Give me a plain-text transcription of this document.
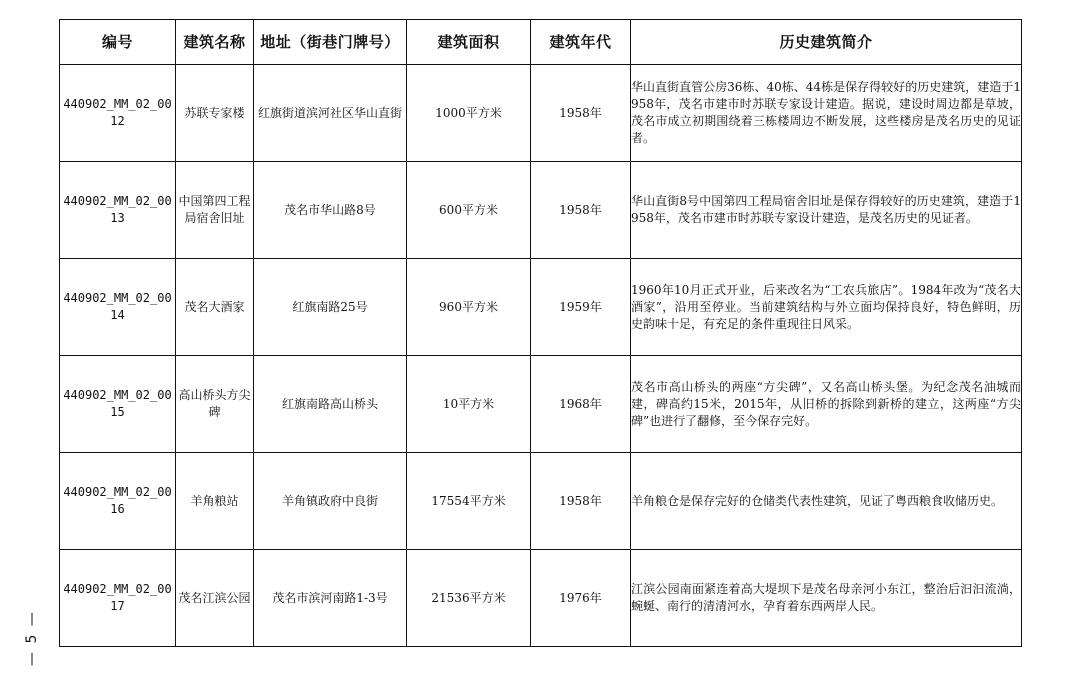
— 5 —
编号	建筑名称	地址（街巷门牌号）	建筑面积	建筑年代	历史建筑简介
440902_MM_02_0012	苏联专家楼	红旗街道滨河社区华山直街	1000平方米	1958年	华山直街直管公房36栋、40栋、44栋是保存得较好的历史建筑，建造于1958年，茂名市建市时苏联专家设计建造。据说，建设时周边都是草坡，茂名市成立初期围绕着三栋楼周边不断发展，这些楼房是茂名历史的见证者。
440902_MM_02_0013	中国第四工程局宿舍旧址	茂名市华山路8号	600平方米	1958年	华山直街8号中国第四工程局宿舍旧址是保存得较好的历史建筑，建造于1958年，茂名市建市时苏联专家设计建造，是茂名历史的见证者。
440902_MM_02_0014	茂名大酒家	红旗南路25号	960平方米	1959年	1960年10月正式开业，后来改名为“工农兵旅店”。1984年改为“茂名大酒家”，沿用至停业。当前建筑结构与外立面均保持良好，特色鲜明，历史韵味十足，有充足的条件重现往日风采。
440902_MM_02_0015	高山桥头方尖碑	红旗南路高山桥头	10平方米	1968年	茂名市高山桥头的两座“方尖碑”，又名高山桥头堡。为纪念茂名油城而建，碑高约15米，2015年，从旧桥的拆除到新桥的建立，这两座“方尖碑”也进行了翻修，至今保存完好。
440902_MM_02_0016	羊角粮站	羊角镇政府中良街	17554平方米	1958年	羊角粮仓是保存完好的仓储类代表性建筑，见证了粤西粮食收储历史。
440902_MM_02_0017	茂名江滨公园	茂名市滨河南路1-3号	21536平方米	1976年	江滨公园南面紧连着高大堤坝下是茂名母亲河小东江，整治后汩汩流淌，蜿蜒、南行的清清河水，孕育着东西两岸人民。
